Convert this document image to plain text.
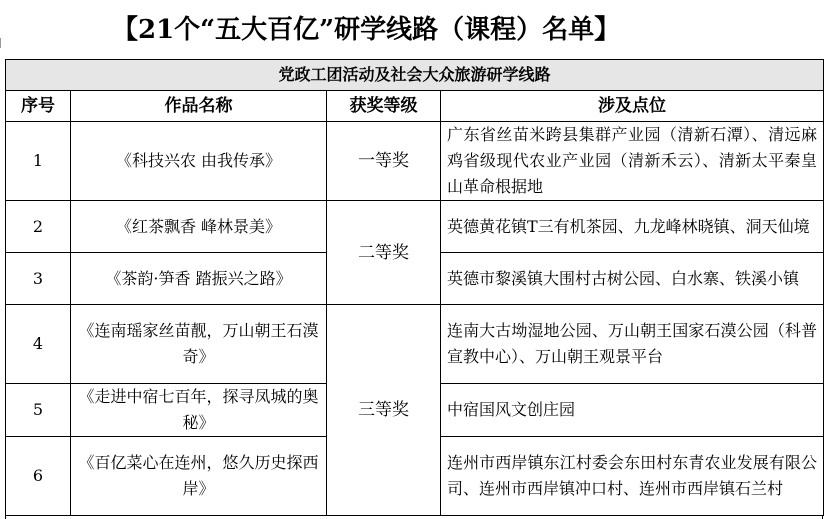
【21个“五大百亿”研学线路（课程）名单】
党政工团活动及社会大众旅游研学线路			
序号	作品名称	获奖等级	涉及点位
1	《科技兴农 由我传承》	一等奖	广东省丝苗米跨县集群产业园（清新石潭）、清远麻鸡省级现代农业产业园（清新禾云）、清新太平秦皇山革命根据地
2	《红茶飘香 峰林景美》	二等奖	英德黄花镇T三有机茶园、九龙峰林晓镇、洞天仙境
3	《茶韵·笋香 踏振兴之路》		英德市黎溪镇大围村古树公园、白水寨、铁溪小镇
4	《连南瑶家丝苗靓，万山朝王石漠奇》	三等奖	连南大古坳湿地公园、万山朝王国家石漠公园（科普宣教中心）、万山朝王观景平台
5	《走进中宿七百年，探寻凤城的奥秘》		中宿国风文创庄园
6	《百亿菜心在连州，悠久历史探西岸》		连州市西岸镇东江村委会东田村东青农业发展有限公司、连州市西岸镇冲口村、连州市西岸镇石兰村
